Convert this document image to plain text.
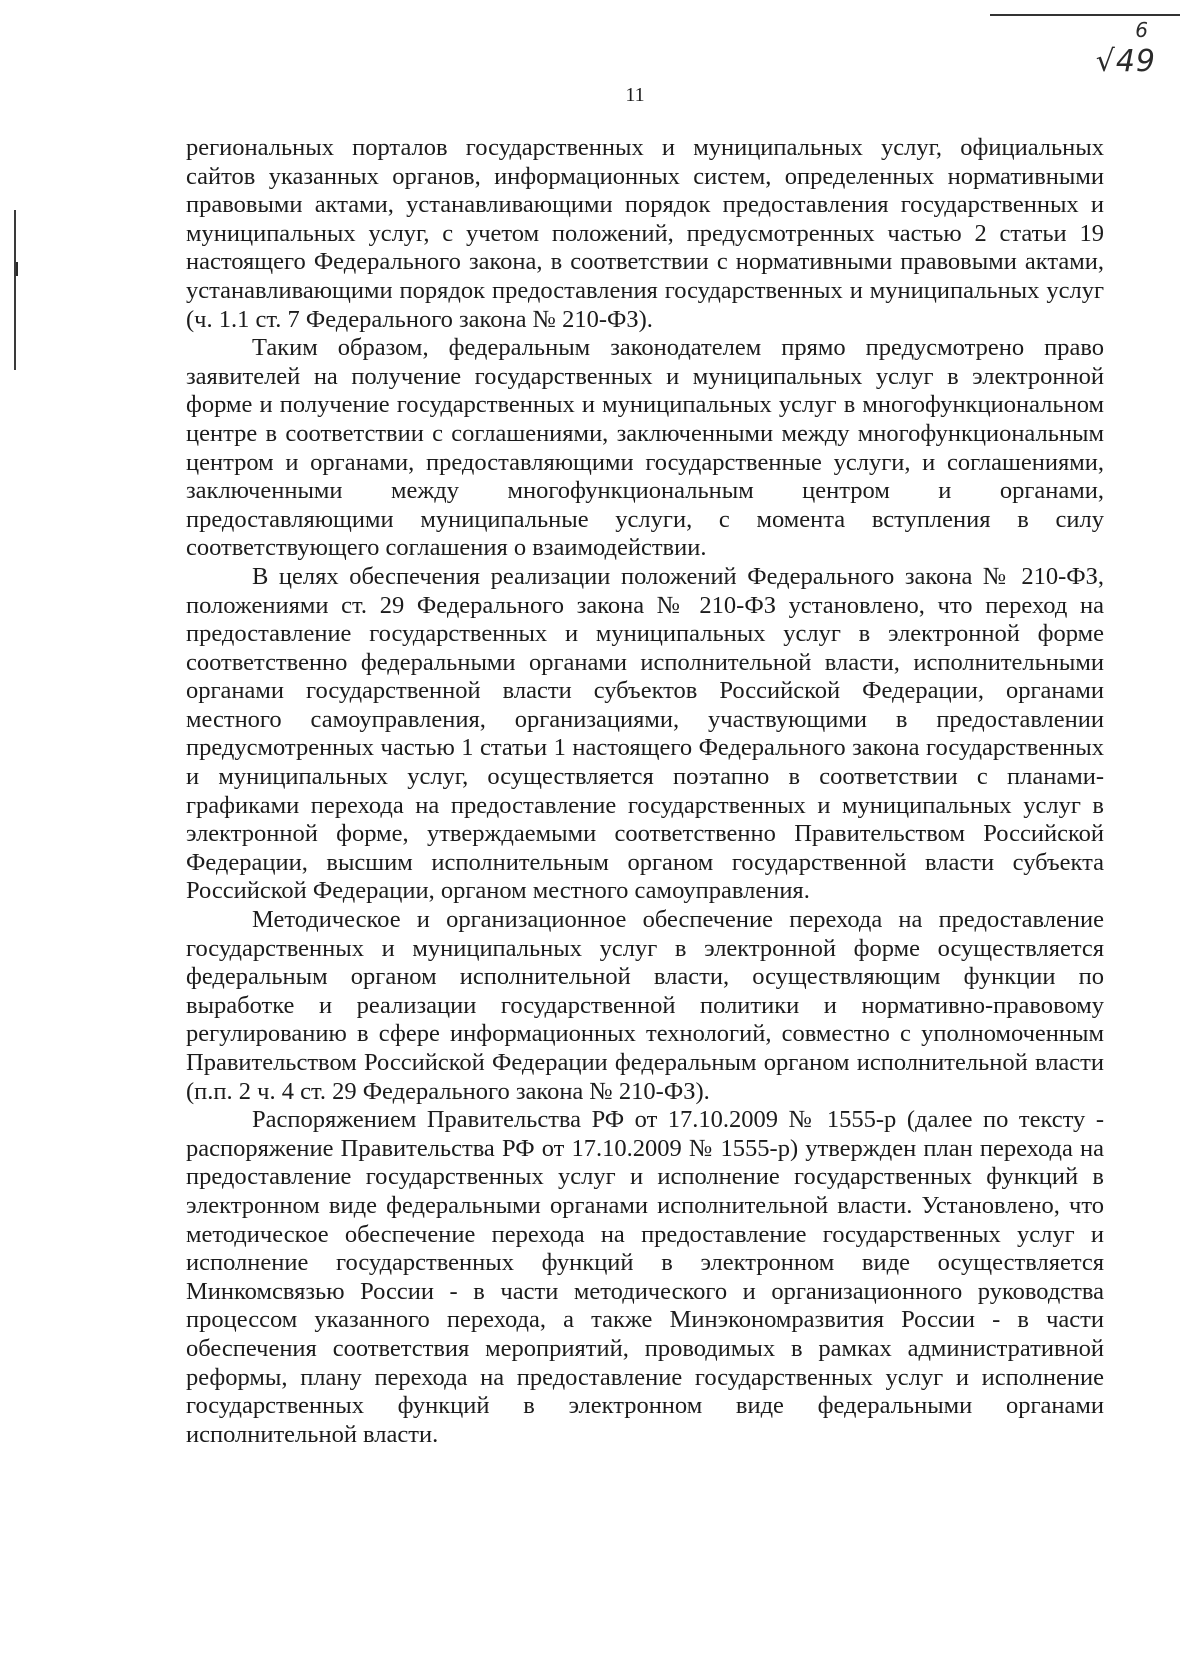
6
√49
11

региональных порталов государственных и муниципальных услуг, официальных сайтов указанных органов, информационных систем, определенных нормативными правовыми актами, устанавливающими порядок предоставления государственных и муниципальных услуг, с учетом положений, предусмотренных частью 2 статьи 19 настоящего Федерального закона, в соответствии с нормативными правовыми актами, устанавливающими порядок предоставления государственных и муниципальных услуг (ч. 1.1 ст. 7 Федерального закона № 210-ФЗ).

Таким образом, федеральным законодателем прямо предусмотрено право заявителей на получение государственных и муниципальных услуг в электронной форме и получение государственных и муниципальных услуг в многофункциональном центре в соответствии с соглашениями, заключенными между многофункциональным центром и органами, предоставляющими государственные услуги, и соглашениями, заключенными между многофункциональным центром и органами, предоставляющими муниципальные услуги, с момента вступления в силу соответствующего соглашения о взаимодействии.

В целях обеспечения реализации положений Федерального закона № 210-ФЗ, положениями ст. 29 Федерального закона № 210-ФЗ установлено, что переход на предоставление государственных и муниципальных услуг в электронной форме соответственно федеральными органами исполнительной власти, исполнительными органами государственной власти субъектов Российской Федерации, органами местного самоуправления, организациями, участвующими в предоставлении предусмотренных частью 1 статьи 1 настоящего Федерального закона государственных и муниципальных услуг, осуществляется поэтапно в соответствии с планами-графиками перехода на предоставление государственных и муниципальных услуг в электронной форме, утверждаемыми соответственно Правительством Российской Федерации, высшим исполнительным органом государственной власти субъекта Российской Федерации, органом местного самоуправления.

Методическое и организационное обеспечение перехода на предоставление государственных и муниципальных услуг в электронной форме осуществляется федеральным органом исполнительной власти, осуществляющим функции по выработке и реализации государственной политики и нормативно-правовому регулированию в сфере информационных технологий, совместно с уполномоченным Правительством Российской Федерации федеральным органом исполнительной власти (п.п. 2 ч. 4 ст. 29 Федерального закона № 210-ФЗ).

Распоряжением Правительства РФ от 17.10.2009 № 1555-р (далее по тексту - распоряжение Правительства РФ от 17.10.2009 № 1555-р) утвержден план перехода на предоставление государственных услуг и исполнение государственных функций в электронном виде федеральными органами исполнительной власти. Установлено, что методическое обеспечение перехода на предоставление государственных услуг и исполнение государственных функций в электронном виде осуществляется Минкомсвязью России - в части методического и организационного руководства процессом указанного перехода, а также Минэкономразвития России - в части обеспечения соответствия мероприятий, проводимых в рамках административной реформы, плану перехода на предоставление государственных услуг и исполнение государственных функций в электронном виде федеральными органами исполнительной власти.
